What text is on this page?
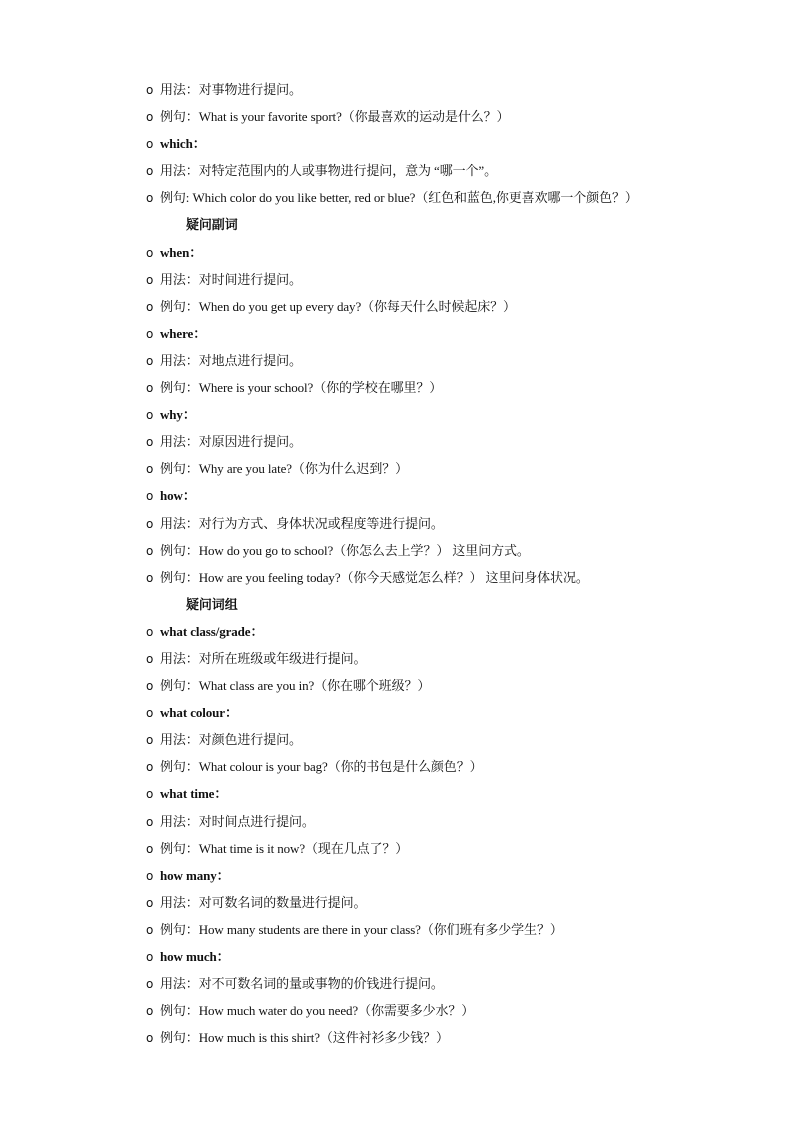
o 用法：对事物进行提问。
o 例句：What is your favorite sport?（你最喜欢的运动是什么？）
o which：
o 用法：对特定范围内的人或事物进行提问，意为 “哪一个”。
o 例句: Which color do you like better, red or blue?（红色和蓝色,你更喜欢哪一个颜色？）
疑问副词
o when：
o 用法：对时间进行提问。
o 例句：When do you get up every day?（你每天什么时候起床？）
o where：
o 用法：对地点进行提问。
o 例句：Where is your school?（你的学校在哪里？）
o why：
o 用法：对原因进行提问。
o 例句：Why are you late?（你为什么迟到？）
o how：
o 用法：对行为方式、身体状况或程度等进行提问。
o 例句：How do you go to school?（你怎么去上学？） 这里问方式。
o 例句：How are you feeling today?（你今天感觉怎么样？） 这里问身体状况。
疑问词组
o what class/grade：
o 用法：对所在班级或年级进行提问。
o 例句：What class are you in?（你在哪个班级？）
o what colour：
o 用法：对颜色进行提问。
o 例句：What colour is your bag?（你的书包是什么颜色？）
o what time：
o 用法：对时间点进行提问。
o 例句：What time is it now?（现在几点了？）
o how many：
o 用法：对可数名词的数量进行提问。
o 例句：How many students are there in your class?（你们班有多少学生？）
o how much：
o 用法：对不可数名词的量或事物的价钱进行提问。
o 例句：How much water do you need?（你需要多少水？）
o 例句：How much is this shirt?（这件衬衫多少钱？）
